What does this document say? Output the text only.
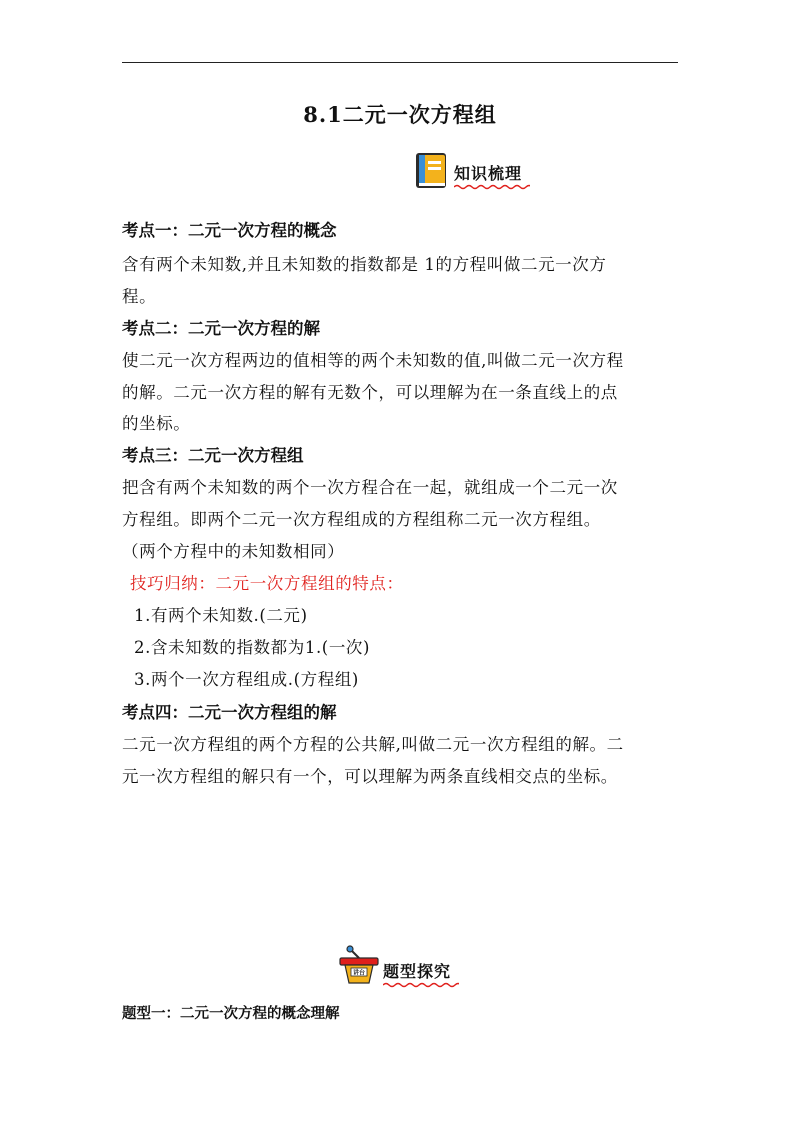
8.1二元一次方程组
知识梳理
考点一：二元一次方程的概念
含有两个未知数,并且未知数的指数都是 1的方程叫做二元一次方
程。
考点二：二元一次方程的解
使二元一次方程两边的值相等的两个未知数的值,叫做二元一次方程
的解。二元一次方程的解有无数个，可以理解为在一条直线上的点
的坐标。
考点三：二元一次方程组
把含有两个未知数的两个一次方程合在一起，就组成一个二元一次
方程组。即两个二元一次方程组成的方程组称二元一次方程组。
（两个方程中的未知数相同）
技巧归纳：二元一次方程组的特点：
1.有两个未知数.(二元)
2.含未知数的指数都为1.(一次)
3.两个一次方程组成.(方程组)
考点四：二元一次方程组的解
二元一次方程组的两个方程的公共解,叫做二元一次方程组的解。二
元一次方程组的解只有一个，可以理解为两条直线相交点的坐标。
讲台 题型探究
题型一：二元一次方程的概念理解
